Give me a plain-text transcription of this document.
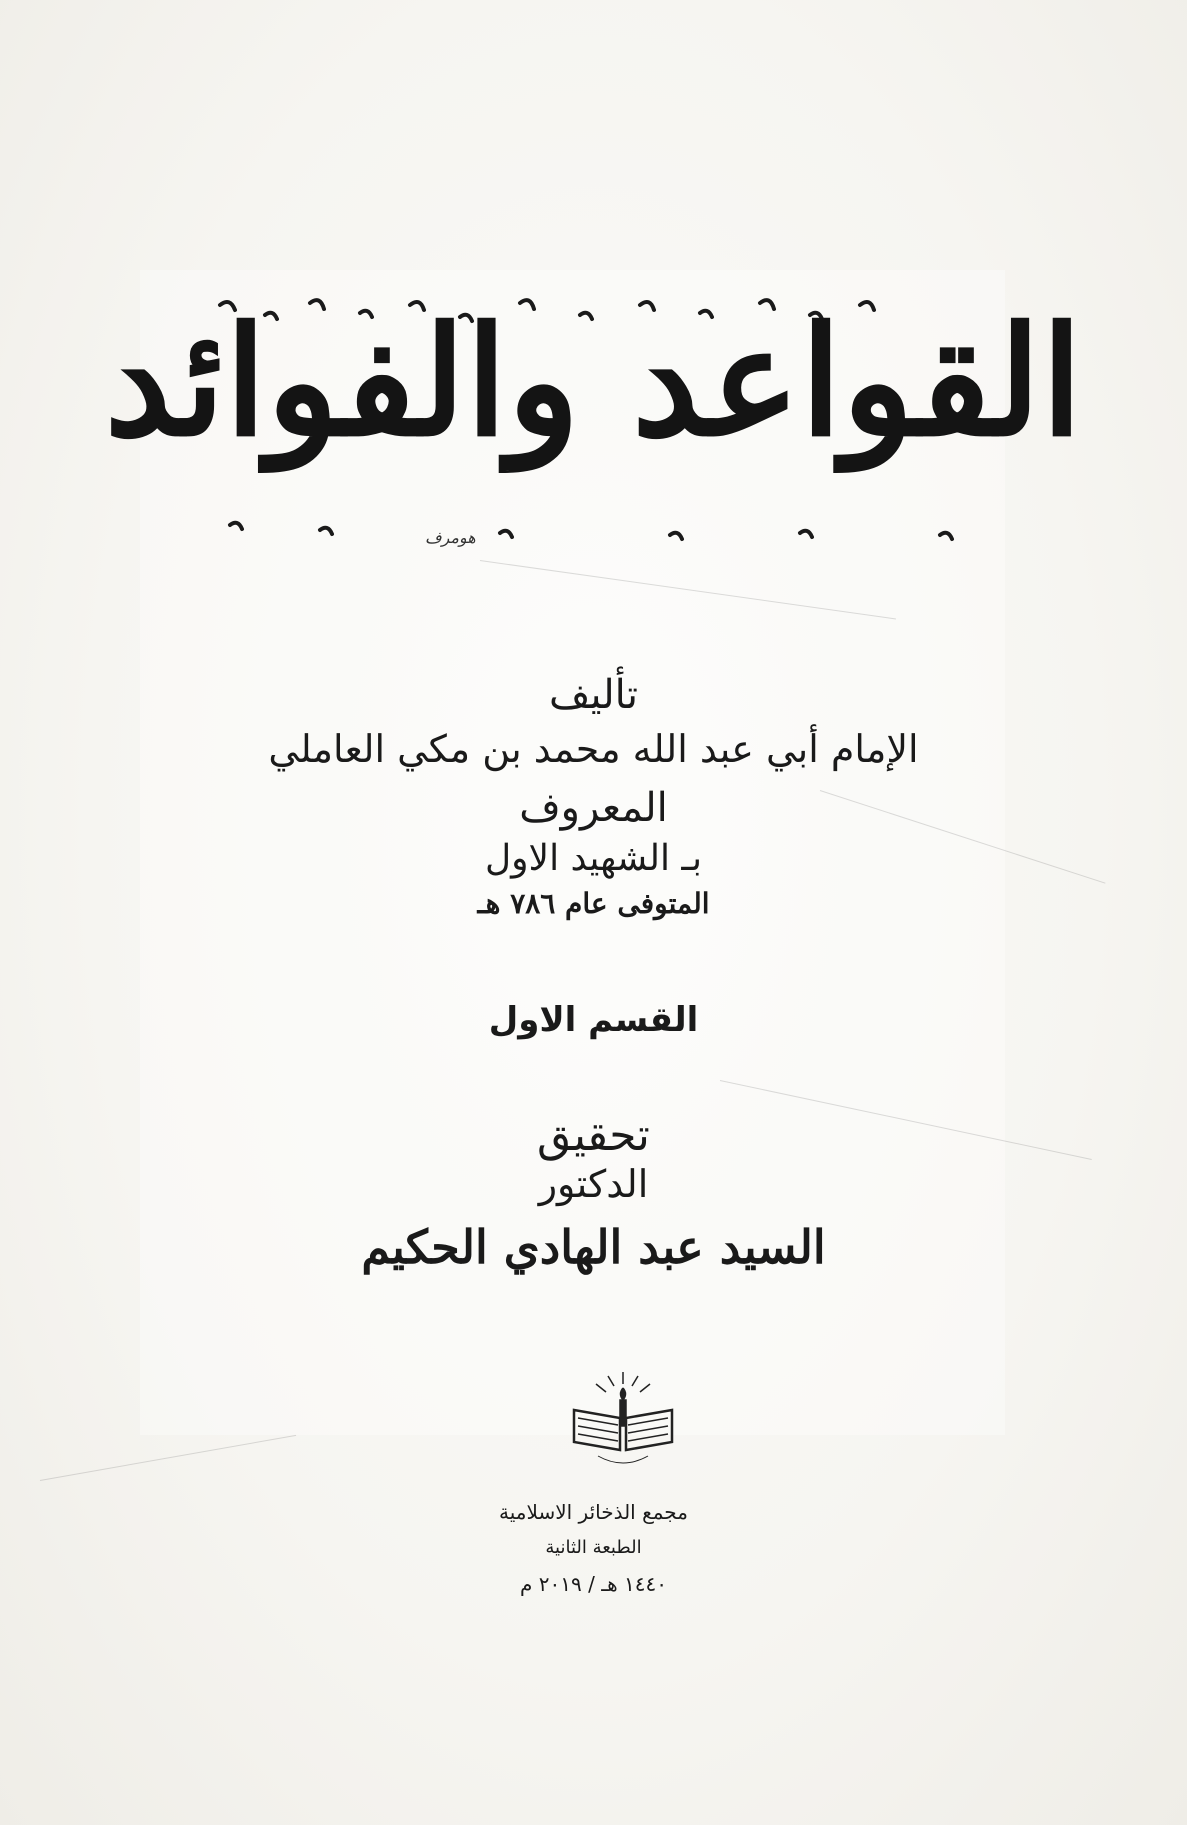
القواعد والفوائد
هومرف
تأليف
الإمام أبي عبد الله محمد بن مكي العاملي
المعروف
بـ الشهيد الاول
المتوفى عام ٧٨٦ هـ
القسم الاول
تحقيق
الدكتور
السيد عبد الهادي الحكيم
مجمع الذخائر الاسلامية
الطبعة الثانية
١٤٤٠ هـ / ٢٠١٩ م
